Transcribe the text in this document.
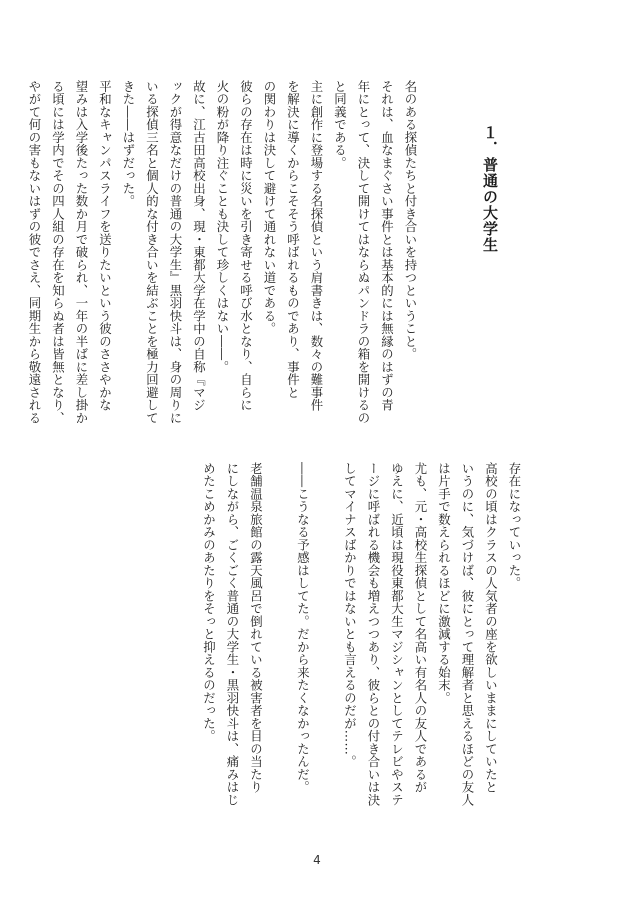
１．普通の大学生
名のある探偵たちと付き合いを持つということ。
それは、血なまぐさい事件とは基本的には無縁のはずの青
年にとって、決して開けてはならぬパンドラの箱を開けるの
と同義である。
主に創作に登場する名探偵という肩書きは、数々の難事件
を解決に導くからこそそう呼ばれるものであり、事件と
の関わりは決して避けて通れない道である。
彼らの存在は時に災いを引き寄せる呼び水となり、自らに
火の粉が降り注ぐことも決して珍しくはない――。
故に、江古田高校出身、現・東都大学在学中の自称『マジ
ックが得意なだけの普通の大学生』黒羽快斗は、身の周りに
いる探偵三名と個人的な付き合いを結ぶことを極力回避して
きた――はずだった。
平和なキャンパスライフを送りたいという彼のささやかな
望みは入学後たった数か月で破られ、一年の半ばに差し掛か
る頃には学内でその四人組の存在を知らぬ者は皆無となり、
やがて何の害もないはずの彼でさえ、同期生から敬遠される
存在になっていった。
高校の頃はクラスの人気者の座を欲しいままにしていたと
いうのに、気づけば、彼にとって理解者と思えるほどの友人
は片手で数えられるほどに激減する始末。
尤も、元・高校生探偵として名高い有名人の友人であるが
ゆえに、近頃は現役東都大生マジシャンとしてテレビやステ
ージに呼ばれる機会も増えつつあり、彼らとの付き合いは決
してマイナスばかりではないとも言えるのだが……。

――こうなる予感はしてた。だから来たくなかったんだ。

老舗温泉旅館の露天風呂で倒れている被害者を目の当たり
にしながら、ごくごく普通の大学生・黒羽快斗は、痛みはじ
めたこめかみのあたりをそっと抑えるのだった。
4
